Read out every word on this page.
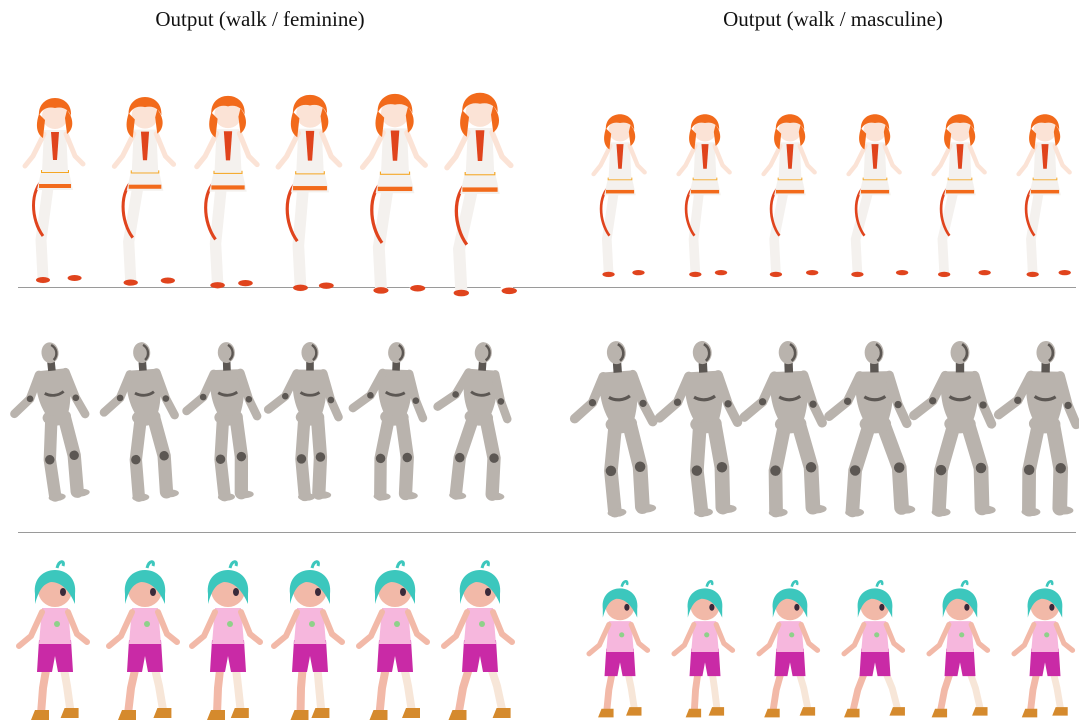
Output (walk / feminine)	Output (walk / masculine)
